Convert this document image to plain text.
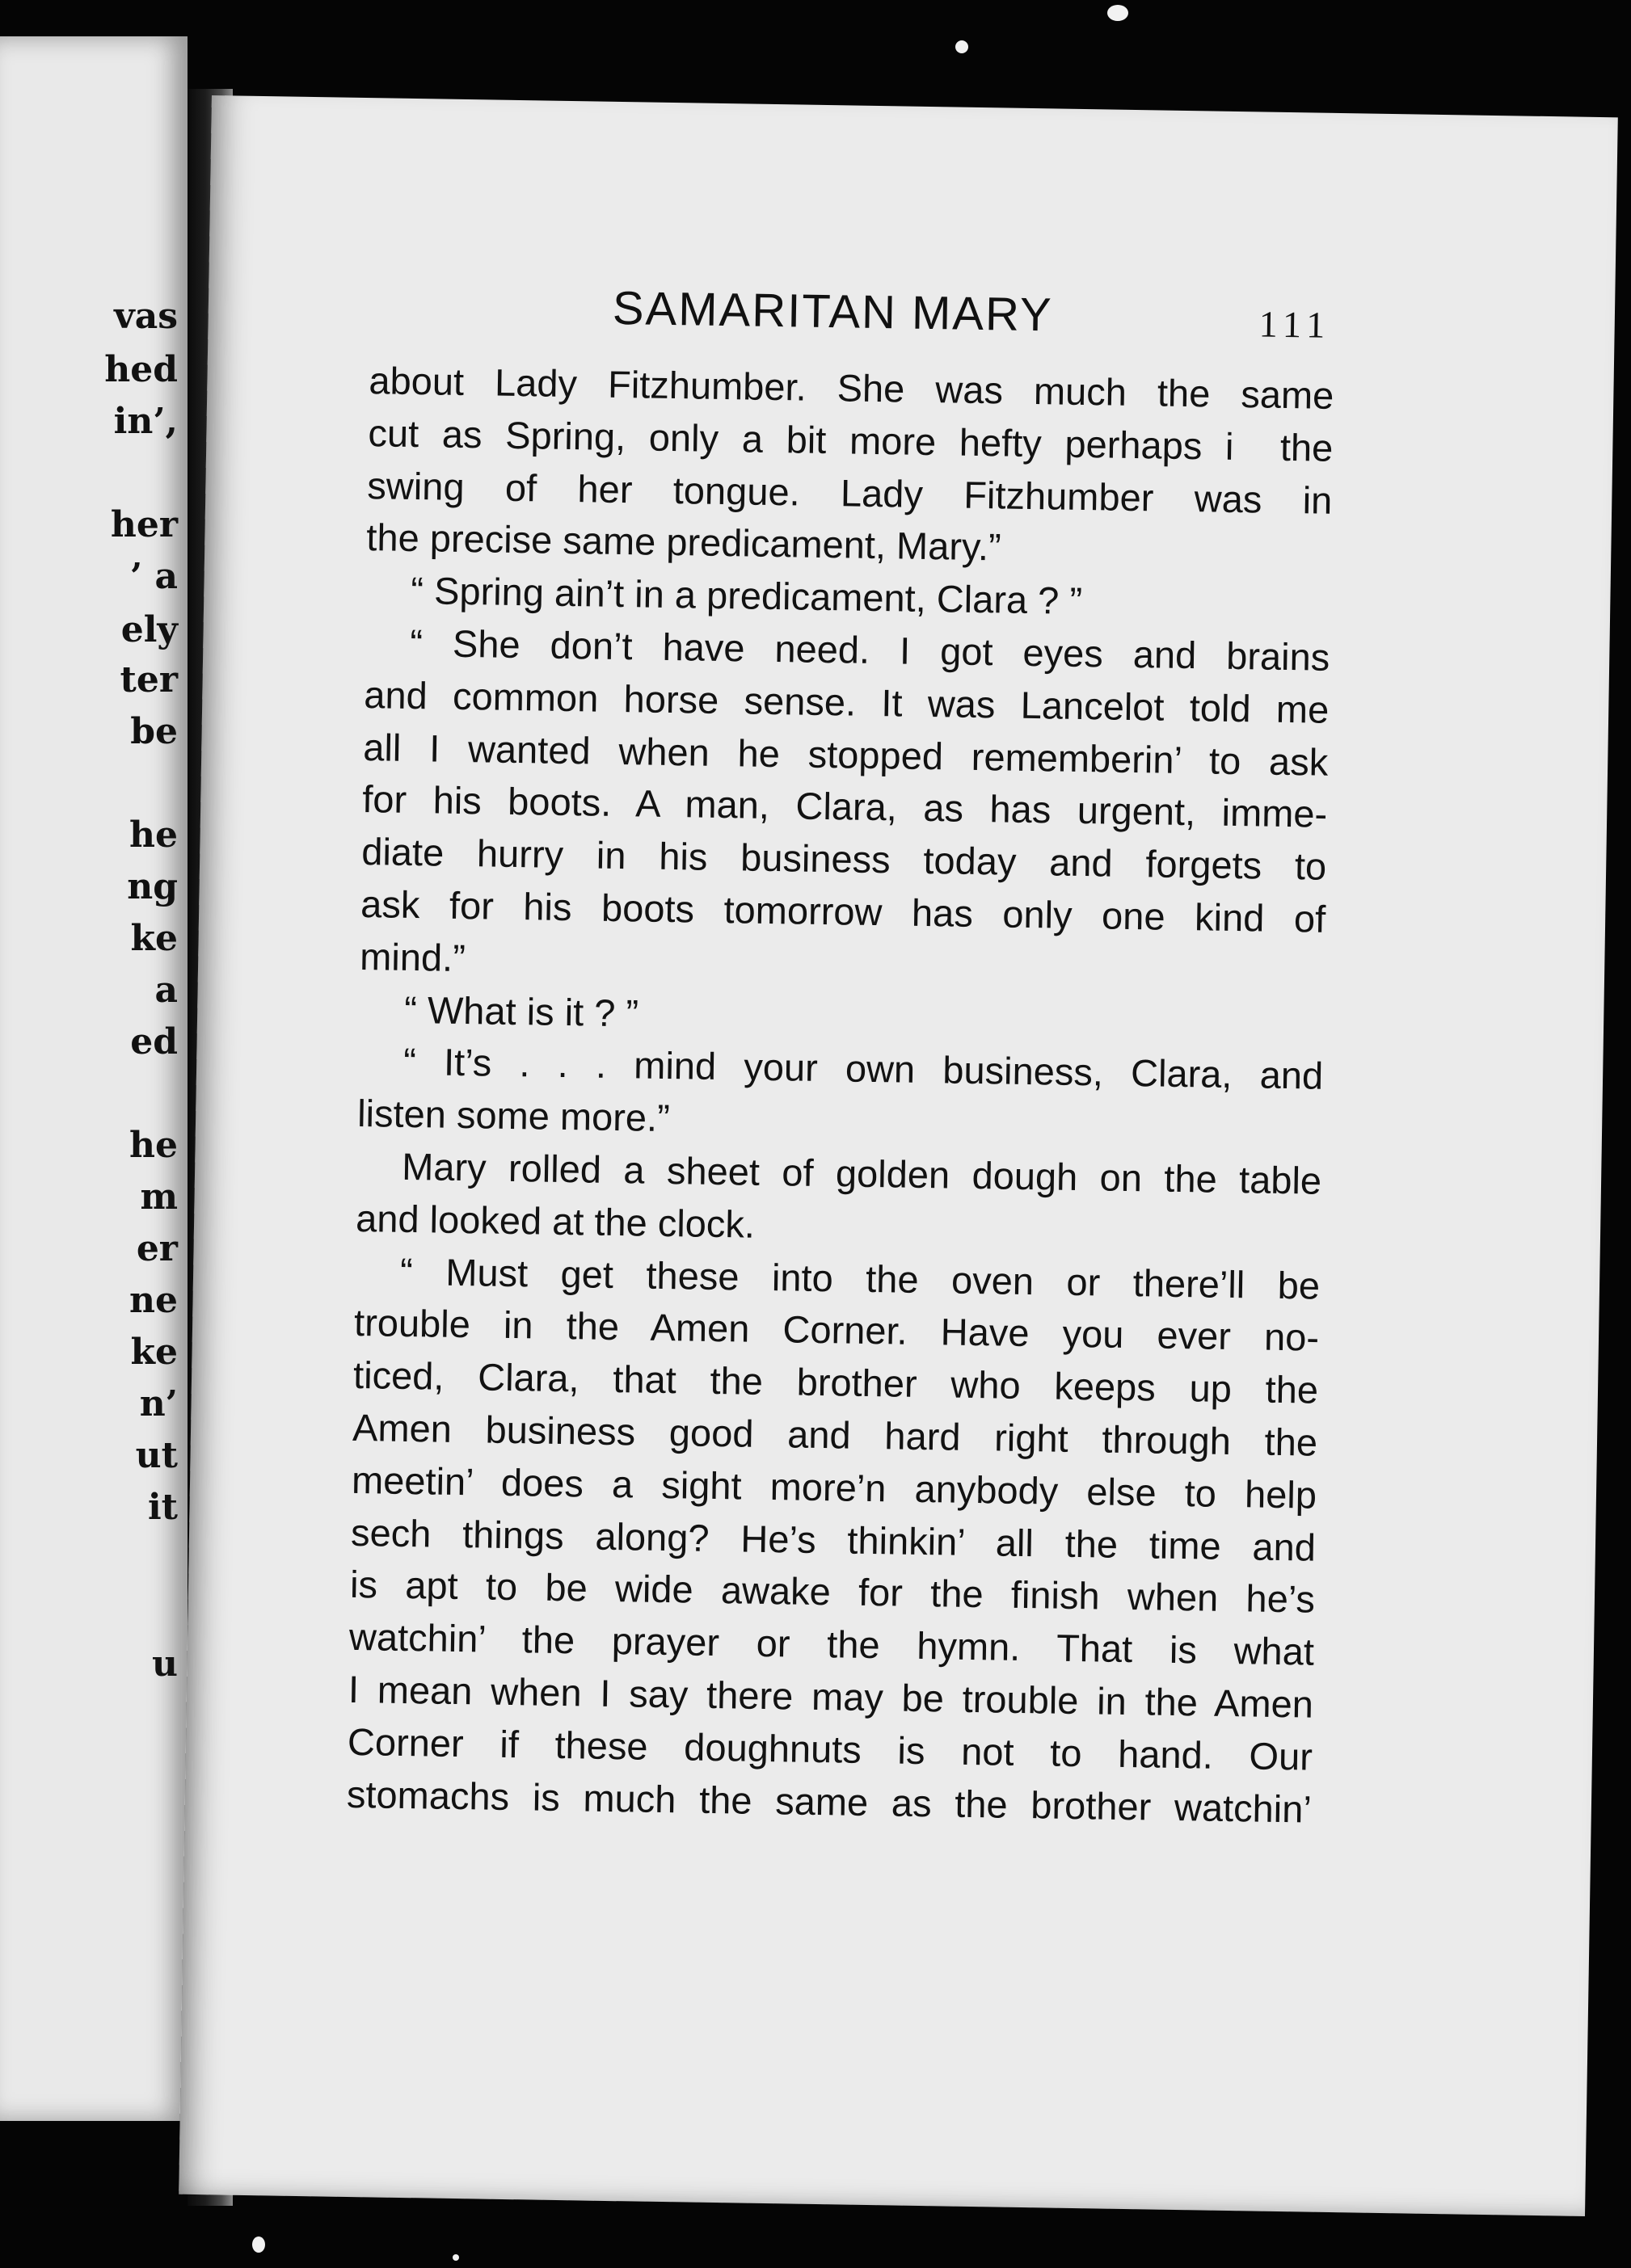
vas
hed
in’,
her
’ a
ely
ter
be
he
ng
ke
a
ed
he
m
er
ne
ke
n’
ut
it
u
SAMARITAN MARY	111
about Lady Fitzhumber. She was much the same
cut as Spring, only a bit more hefty perhaps i  the
swing of her tongue. Lady Fitzhumber was in
the precise same predicament, Mary.”
“ Spring ain’t in a predicament, Clara ? ”
“ She don’t have need. I got eyes and brains
and common horse sense. It was Lancelot told me
all I wanted when he stopped rememberin’ to ask
for his boots. A man, Clara, as has urgent, imme-
diate hurry in his business today and forgets to
ask for his boots tomorrow has only one kind of
mind.”
“ What is it ? ”
“ It’s . . . mind your own business, Clara, and
listen some more.”
Mary rolled a sheet of golden dough on the table
and looked at the clock.
“ Must get these into the oven or there’ll be
trouble in the Amen Corner. Have you ever no-
ticed, Clara, that the brother who keeps up the
Amen business good and hard right through the
meetin’ does a sight more’n anybody else to help
sech things along? He’s thinkin’ all the time and
is apt to be wide awake for the finish when he’s
watchin’ the prayer or the hymn. That is what
I mean when I say there may be trouble in the Amen
Corner if these doughnuts is not to hand. Our
stomachs is much the same as the brother watchin’
